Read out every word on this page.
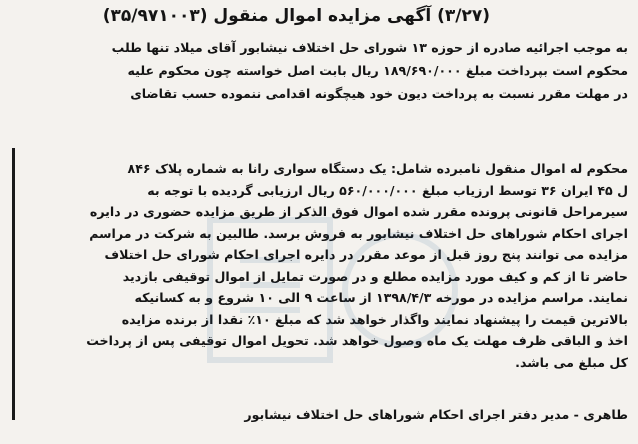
(۳/۲۷) آگهی مزایده اموال منقول (۳۵/۹۷۱۰۰۳)
به موجب اجرائیه صادره از حوزه ۱۳ شورای حل اختلاف نیشابور آقای میلاد تنها طلب
محکوم است بپرداخت مبلغ ۱۸۹/۶۹۰/۰۰۰ ریال بابت اصل خواسته چون محکوم علیه
در مهلت مقرر نسبت به پرداخت دیون خود هیچگونه اقدامی ننموده حسب تقاضای
محکوم له اموال منقول نامبرده شامل: یک دستگاه سواری رانا به شماره پلاک ۸۴۶
ل ۴۵ ایران ۳۶ توسط ارزیاب مبلغ ۵۶۰/۰۰۰/۰۰۰ ریال ارزیابی گردیده با توجه به
سیرمراحل قانونی پرونده مقرر شده اموال فوق الذکر از طریق مزایده حضوری در دایره
اجرای احکام شوراهای حل اختلاف نیشابور به فروش برسد. طالبین به شرکت در مراسم
مزایده می توانند پنج روز قبل از موعد مقرر در دایره اجرای احکام شورای حل اختلاف
حاضر تا از کم و کیف مورد مزایده مطلع و در صورت تمایل از اموال توقیفی بازدید
نمایند. مراسم مزایده در مورخه ۱۳۹۸/۴/۳ از ساعت ۹ الی ۱۰ شروع و به کسانیکه
بالاترین قیمت را پیشنهاد نمایند واگذار خواهد شد که مبلغ ۱۰٪ نقدا از برنده مزایده
اخذ و الباقی ظرف مهلت یک ماه وصول خواهد شد. تحویل اموال توقیفی پس از پرداخت
کل مبلغ می باشد.
طاهری - مدیر دفتر اجرای احکام شوراهای حل اختلاف نیشابور
